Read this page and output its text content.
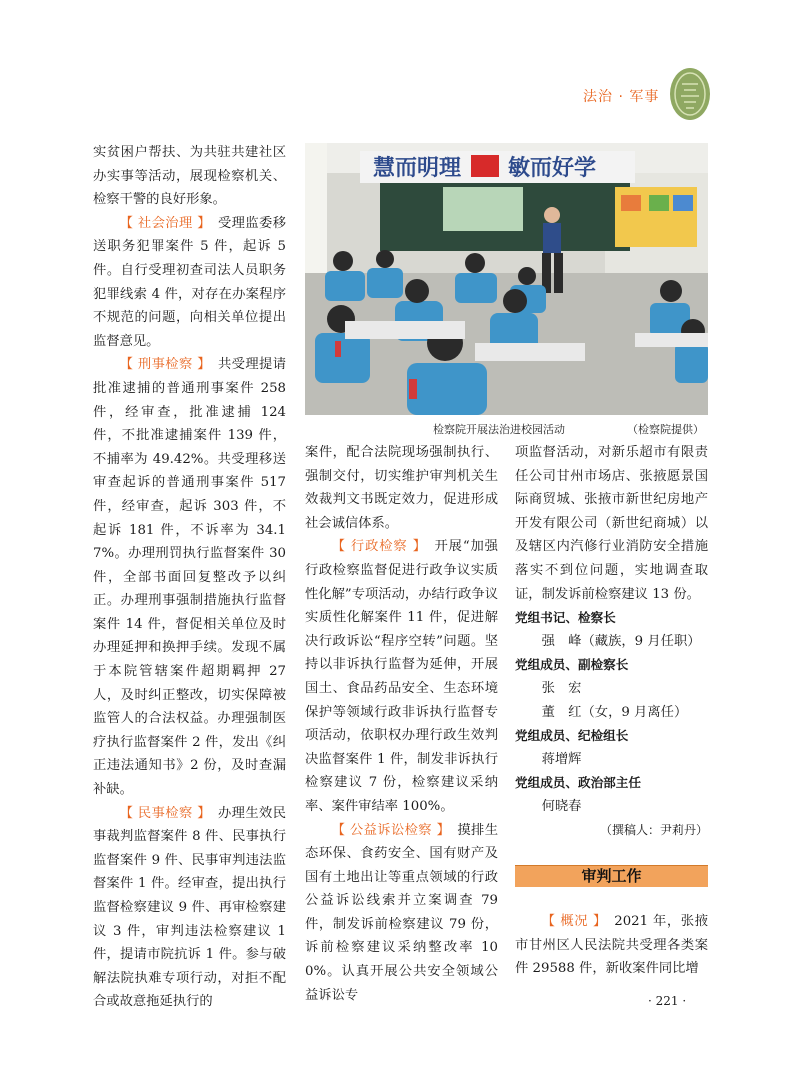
法治 · 军事

实贫困户帮扶、为共驻共建社区办实事等活动，展现检察机关、检察干警的良好形象。

【 社会治理 】　 受理监委移送职务犯罪案件 5 件，起诉 5 件。自行受理初查司法人员职务犯罪线索 4 件，对存在办案程序不规范的问题，向相关单位提出监督意见。

【 刑事检察 】　 共受理提请批准逮捕的普通刑事案件 258 件，经审查，批准逮捕 124 件，不批准逮捕案件 139 件，不捕率为 49.42%。共受理移送审查起诉的普通刑事案件 517 件，经审查，起诉 303 件，不起诉 181 件，不诉率为 34.17%。办理刑罚执行监督案件 30 件，全部书面回复整改予以纠正。办理刑事强制措施执行监督案件 14 件，督促相关单位及时办理延押和换押手续。发现不属于本院管辖案件超期羁押 27 人，及时纠正整改，切实保障被监管人的合法权益。办理强制医疗执行监督案件 2 件，发出《纠正违法通知书》2 份，及时查漏补缺。

【 民事检察 】　 办理生效民事裁判监督案件 8 件、民事执行监督案件 9 件、民事审判违法监督案件 1 件。经审查，提出执行监督检察建议 9 件、再审检察建议 3 件，审判违法检察建议 1 件，提请市院抗诉 1 件。参与破解法院执难专项行动，对拒不配合或故意拖延执行的

慧而明理 敏而好学
检察院开展法治进校园活动	（检察院提供）

案件，配合法院现场强制执行、强制交付，切实维护审判机关生效裁判文书既定效力，促进形成社会诚信体系。

【 行政检察 】　 开展“加强行政检察监督促进行政争议实质性化解”专项活动，办结行政争议实质性化解案件 11 件，促进解决行政诉讼“程序空转”问题。坚持以非诉执行监督为延伸，开展国土、食品药品安全、生态环境保护等领域行政非诉执行监督专项活动，依职权办理行政生效判决监督案件 1 件，制发非诉执行检察建议 7 份，检察建议采纳率、案件审结率 100%。

【 公益诉讼检察 】　 摸排生态环保、食药安全、国有财产及国有土地出让等重点领域的行政公益诉讼线索并立案调查 79 件，制发诉前检察建议 79 份，诉前检察建议采纳整改率 100%。认真开展公共安全领域公益诉讼专

项监督活动，对新乐超市有限责任公司甘州市场店、张掖愿景国际商贸城、张掖市新世纪房地产开发有限公司（新世纪商城）以及辖区内汽修行业消防安全措施落实不到位问题，实地调查取证，制发诉前检察建议 13 份。

党组书记、检察长

强　峰（藏族，9 月任职）

党组成员、副检察长

张　宏

董　红（女，9 月离任）

党组成员、纪检组长

蒋增辉

党组成员、政治部主任

何晓春

（撰稿人：尹莉丹）

审判工作

【 概况 】　 2021 年，张掖市甘州区人民法院共受理各类案件 29588 件，新收案件同比增

· 221 ·
